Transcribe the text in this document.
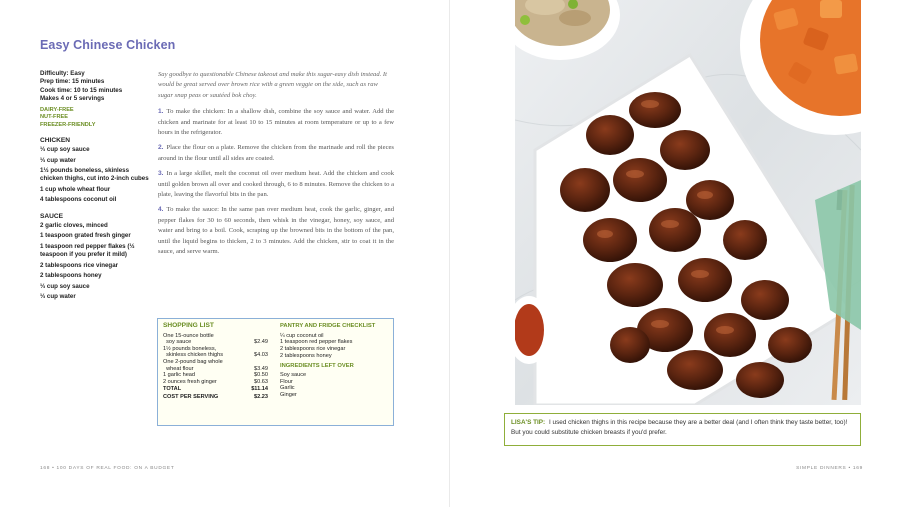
Easy Chinese Chicken
Difficulty: Easy
Prep time: 15 minutes
Cook time: 10 to 15 minutes
Makes 4 or 5 servings
DAIRY-FREE
NUT-FREE
FREEZER-FRIENDLY
CHICKEN
⅓ cup soy sauce
⅓ cup water
1½ pounds boneless, skinless chicken thighs, cut into 2-inch cubes
1 cup whole wheat flour
4 tablespoons coconut oil
SAUCE
2 garlic cloves, minced
1 teaspoon grated fresh ginger
1 teaspoon red pepper flakes (½ teaspoon if you prefer it mild)
2 tablespoons rice vinegar
2 tablespoons honey
⅓ cup soy sauce
⅓ cup water

Say goodbye to questionable Chinese takeout and make this sugar-easy dish instead. It would be great served over brown rice with a green veggie on the side, such as raw sugar snap peas or sautéed bok choy.

1. To make the chicken: In a shallow dish, combine the soy sauce and water. Add the chicken and marinate for at least 10 to 15 minutes at room temperature or up to a few hours in the refrigerator.

2. Place the flour on a plate. Remove the chicken from the marinade and roll the pieces around in the flour until all sides are coated.

3. In a large skillet, melt the coconut oil over medium heat. Add the chicken and cook until golden brown all over and cooked through, 6 to 8 minutes. Remove the chicken to a plate, leaving the flavorful bits in the pan.

4. To make the sauce: In the same pan over medium heat, cook the garlic, ginger, and pepper flakes for 30 to 60 seconds, then whisk in the vinegar, honey, soy sauce, and water and bring to a boil. Cook, scraping up the browned bits in the bottom of the pan, until the liquid begins to thicken, 2 to 3 minutes. Add the chicken, stir to coat it in the sauce, and serve warm.

SHOPPING LIST
One 15-ounce bottle
soy sauce	$2.49
1½ pounds boneless,
skinless chicken thighs	$4.03
One 2-pound bag whole
wheat flour	$3.49
1 garlic head	$0.50
2 ounces fresh ginger	$0.63
TOTAL	$11.14
COST PER SERVING	$2.23
PANTRY AND FRIDGE CHECKLIST
¼ cup coconut oil
1 teaspoon red pepper flakes
2 tablespoons rice vinegar
2 tablespoons honey
INGREDIENTS LEFT OVER
Soy sauce
Flour
Garlic
Ginger
168 • 100 DAYS OF REAL FOOD: ON A BUDGET	SIMPLE DINNERS • 169
LISA'S TIP: I used chicken thighs in this recipe because they are a better deal (and I often think they taste better, too)! But you could substitute chicken breasts if you'd prefer.
